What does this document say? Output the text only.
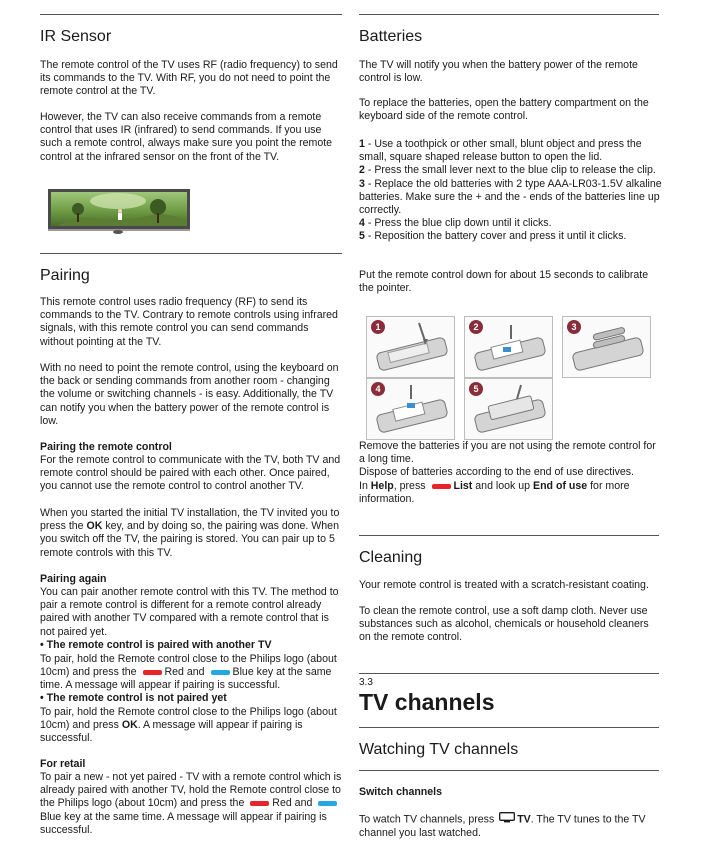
IR Sensor

The remote control of the TV uses RF (radio frequency) to send its commands to the TV. With RF, you do not need to point the remote control at the TV.

However, the TV can also receive commands from a remote control that uses IR (infrared) to send commands. If you use such a remote control, always make sure you point the remote control at the infrared sensor on the front of the TV.

Pairing

This remote control uses radio frequency (RF) to send its commands to the TV. Contrary to remote controls using infrared signals, with this remote control you can send commands without pointing at the TV.

With no need to point the remote control, using the keyboard on the back or sending commands from another room - changing the volume or switching channels - is easy. Additionally, the TV can notify you when the battery power of the remote control is low.

Pairing the remote control

For the remote control to communicate with the TV, both TV and remote control should be paired with each other. Once paired, you cannot use the remote control to control another TV.

When you started the initial TV installation, the TV invited you to press the OK key, and by doing so, the pairing was done. When you switch off the TV, the pairing is stored. You can pair up to 5 remote controls with this TV.

Pairing again

You can pair another remote control with this TV. The method to pair a remote control is different for a remote control already paired with another TV compared with a remote control that is not paired yet.

• The remote control is paired with another TV

To pair, hold the Remote control close to the Philips logo (about 10cm) and press the Red and Blue key at the same time. A message will appear if pairing is successful.

• The remote control is not paired yet

To pair, hold the Remote control close to the Philips logo (about 10cm) and press OK. A message will appear if pairing is successful.

For retail

To pair a new - not yet paired - TV with a remote control which is already paired with another TV, hold the Remote control close to the Philips logo (about 10cm) and press the Red and Blue key at the same time. A message will appear if pairing is successful.

Batteries

The TV will notify you when the battery power of the remote control is low.

To replace the batteries, open the battery compartment on the keyboard side of the remote control.

1 - Use a toothpick or other small, blunt object and press the small, square shaped release button to open the lid.
2 - Press the small lever next to the blue clip to release the clip.
3 - Replace the old batteries with 2 type AAA-LR03-1.5V alkaline batteries. Make sure the + and the - ends of the batteries line up correctly.
4 - Press the blue clip down until it clicks.
5 - Reposition the battery cover and press it until it clicks.

Put the remote control down for about 15 seconds to calibrate the pointer.

1	2	3
4	5

Remove the batteries if you are not using the remote control for a long time.

Dispose of batteries according to the end of use directives.

In Help, press List and look up End of use for more information.

Cleaning

Your remote control is treated with a scratch-resistant coating.

To clean the remote control, use a soft damp cloth. Never use substances such as alcohol, chemicals or household cleaners on the remote control.

3.3
TV channels
Watching TV channels

Switch channels

To watch TV channels, press TV. The TV tunes to the TV channel you last watched.
